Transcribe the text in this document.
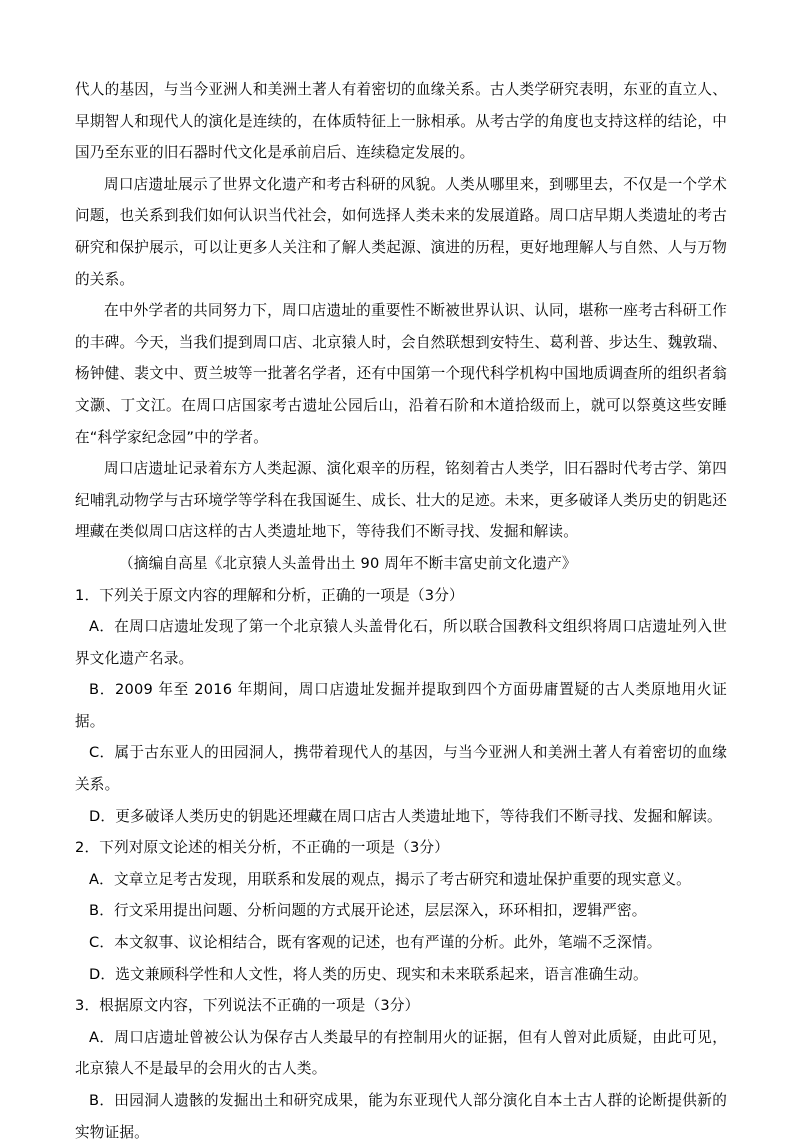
代人的基因，与当今亚洲人和美洲土著人有着密切的血缘关系。古人类学研究表明，东亚的直立人、早期智人和现代人的演化是连续的，在体质特征上一脉相承。从考古学的角度也支持这样的结论，中国乃至东亚的旧石器时代文化是承前启后、连续稳定发展的。

周口店遗址展示了世界文化遗产和考古科研的风貌。人类从哪里来，到哪里去，不仅是一个学术问题，也关系到我们如何认识当代社会，如何选择人类未来的发展道路。周口店早期人类遗址的考古研究和保护展示，可以让更多人关注和了解人类起源、演进的历程，更好地理解人与自然、人与万物的关系。

在中外学者的共同努力下，周口店遗址的重要性不断被世界认识、认同，堪称一座考古科研工作的丰碑。今天，当我们提到周口店、北京猿人时，会自然联想到安特生、葛利普、步达生、魏敦瑞、杨钟健、裴文中、贾兰坡等一批著名学者，还有中国第一个现代科学机构中国地质调查所的组织者翁文灏、丁文江。在周口店国家考古遗址公园后山，沿着石阶和木道拾级而上，就可以祭奠这些安睡在“科学家纪念园”中的学者。

周口店遗址记录着东方人类起源、演化艰辛的历程，铭刻着古人类学，旧石器时代考古学、第四纪哺乳动物学与古环境学等学科在我国诞生、成长、壮大的足迹。未来，更多破译人类历史的钥匙还埋藏在类似周口店这样的古人类遗址地下，等待我们不断寻找、发掘和解读。

（摘编自高星《北京猿人头盖骨出土 90 周年不断丰富史前文化遗产》

1．下列关于原文内容的理解和分析，正确的一项是（3分）

A．在周口店遗址发现了第一个北京猿人头盖骨化石，所以联合国教科文组织将周口店遗址列入世界文化遗产名录。

B．2009 年至 2016 年期间，周口店遗址发掘并提取到四个方面毋庸置疑的古人类原地用火证据。

C．属于古东亚人的田园洞人，携带着现代人的基因，与当今亚洲人和美洲土著人有着密切的血缘关系。

D．更多破译人类历史的钥匙还埋藏在周口店古人类遗址地下，等待我们不断寻找、发掘和解读。

2．下列对原文论述的相关分析，不正确的一项是（3分）

A．文章立足考古发现，用联系和发展的观点，揭示了考古研究和遗址保护重要的现实意义。

B．行文采用提出问题、分析问题的方式展开论述，层层深入，环环相扣，逻辑严密。

C．本文叙事、议论相结合，既有客观的记述，也有严谨的分析。此外，笔端不乏深情。

D．选文兼顾科学性和人文性，将人类的历史、现实和未来联系起来，语言准确生动。

3．根据原文内容，下列说法不正确的一项是（3分）

A．周口店遗址曾被公认为保存古人类最早的有控制用火的证据，但有人曾对此质疑，由此可见，北京猿人不是最早的会用火的古人类。

B．田园洞人遗骸的发掘出土和研究成果，能为东亚现代人部分演化自本土古人群的论断提供新的实物证据。
